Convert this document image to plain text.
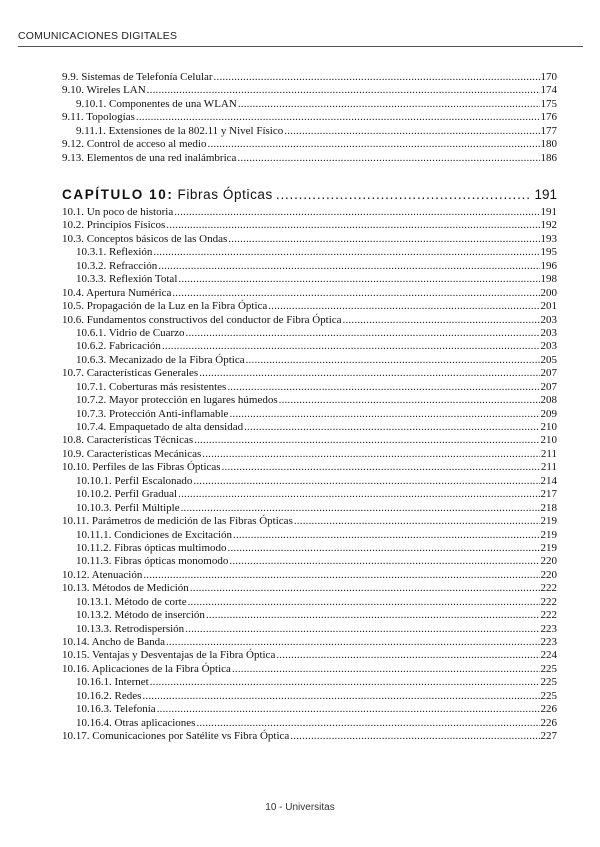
COMUNICACIONES DIGITALES
9.9. Sistemas de Telefonía Celular .....	170
9.10. Wireles LAN .....	174
9.10.1. Componentes de una WLAN .....	175
9.11. Topologías .....	176
9.11.1. Extensiones de la 802.11 y Nivel Físico .....	177
9.12. Control de acceso al medio .....	180
9.13. Elementos de una red inalámbrica .....	186
CAPÍTULO 10: Fibras Ópticas .....	191
10.1. Un poco de historia .....	191
10.2. Principios Físicos .....	192
10.3. Conceptos básicos de las Ondas .....	193
10.3.1. Reflexión .....	195
10.3.2. Refracción .....	196
10.3.3. Reflexión Total .....	198
10.4. Apertura Numérica .....	200
10.5. Propagación de la Luz en la Fibra Óptica .....	201
10.6. Fundamentos constructivos del conductor de Fibra Óptica .....	203
10.6.1. Vidrio de Cuarzo .....	203
10.6.2. Fabricación .....	203
10.6.3. Mecanizado de la Fibra Óptica .....	205
10.7. Características Generales .....	207
10.7.1. Coberturas más resistentes .....	207
10.7.2. Mayor protección en lugares húmedos .....	208
10.7.3. Protección Anti-inflamable .....	209
10.7.4. Empaquetado de alta densidad .....	210
10.8. Características Técnicas .....	210
10.9. Características Mecánicas .....	211
10.10. Perfiles de las Fibras Ópticas .....	211
10.10.1. Perfil Escalonado .....	214
10.10.2. Perfil Gradual .....	217
10.10.3. Perfil Múltiple .....	218
10.11. Parámetros de medición de las Fibras Ópticas .....	219
10.11.1. Condiciones de Excitación .....	219
10.11.2. Fibras ópticas multimodo .....	219
10.11.3. Fibras ópticas monomodo .....	220
10.12. Atenuación .....	220
10.13. Métodos de Medición .....	222
10.13.1. Método de corte .....	222
10.13.2. Método de inserción .....	222
10.13.3. Retrodispersión .....	223
10.14. Ancho de Banda .....	223
10.15. Ventajas y Desventajas de la Fibra Óptica .....	224
10.16. Aplicaciones de la Fibra Óptica .....	225
10.16.1. Internet .....	225
10.16.2. Redes .....	225
10.16.3. Telefonía .....	226
10.16.4. Otras aplicaciones .....	226
10.17. Comunicaciones por Satélite vs Fibra Óptica .....	227
10 - Universitas
